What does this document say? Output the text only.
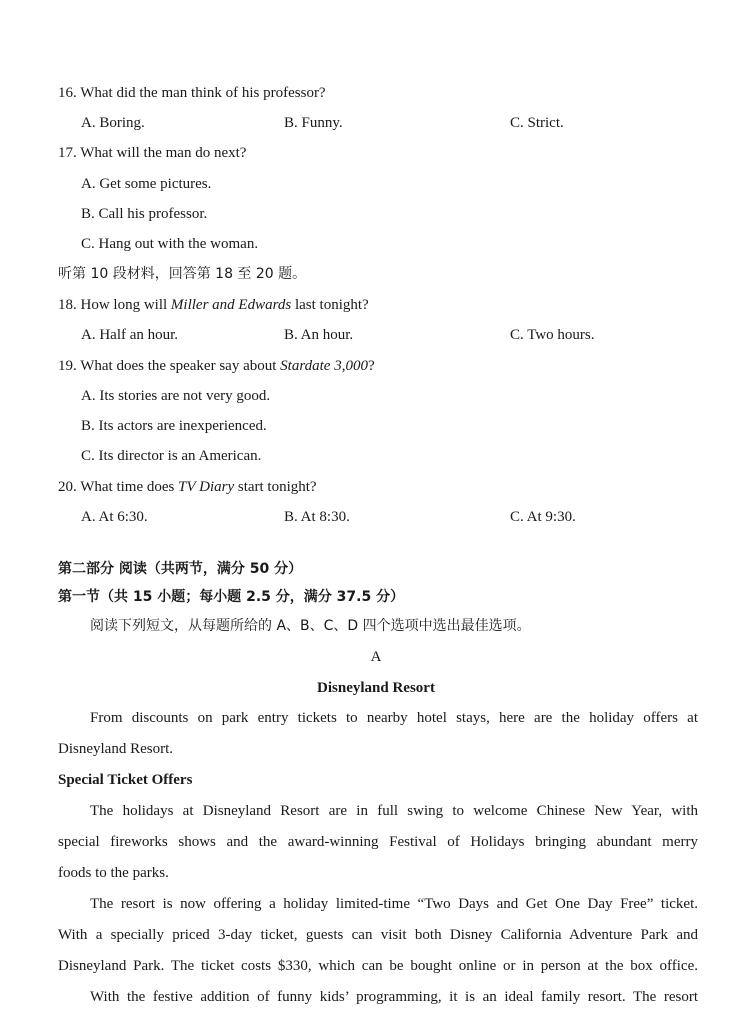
16. What did the man think of his professor?
A. Boring.	B. Funny.	C. Strict.
17. What will the man do next?
A. Get some pictures.
B. Call his professor.
C. Hang out with the woman.
听第 10 段材料，回答第 18 至 20 题。
18. How long will Miller and Edwards last tonight?
A. Half an hour.	B. An hour.	C. Two hours.
19. What does the speaker say about Stardate 3,000?
A. Its stories are not very good.
B. Its actors are inexperienced.
C. Its director is an American.
20. What time does TV Diary start tonight?
A. At 6:30.	B. At 8:30.	C. At 9:30.
第二部分 阅读（共两节，满分 50 分）
第一节（共 15 小题；每小题 2.5 分，满分 37.5 分）
阅读下列短文，从每题所给的 A、B、C、D 四个选项中选出最佳选项。
A
Disneyland Resort
From discounts on park entry tickets to nearby hotel stays, here are the holiday offers at
Disneyland Resort.
Special Ticket Offers
The holidays at Disneyland Resort are in full swing to welcome Chinese New Year, with
special fireworks shows and the award-winning Festival of Holidays bringing abundant merry
foods to the parks.
The resort is now offering a holiday limited-time “Two Days and Get One Day Free” ticket.
With a specially priced 3-day ticket, guests can visit both Disney California Adventure Park and
Disneyland Park. The ticket costs $330, which can be bought online or in person at the box office.
With the festive addition of funny kids’ programming, it is an ideal family resort. The resort
